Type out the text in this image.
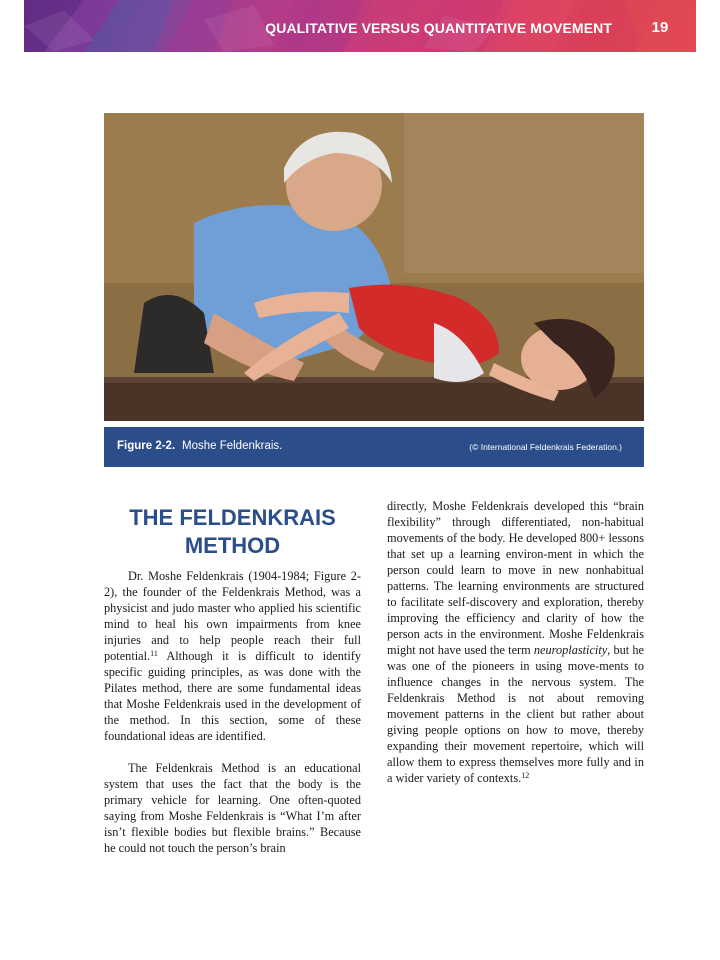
QUALITATIVE VERSUS QUANTITATIVE MOVEMENT	19
Figure 2-2. Moshe Feldenkrais.	(© International Feldenkrais Federation.)
THE FELDENKRAIS METHOD

Dr. Moshe Feldenkrais (1904-1984; Figure 2-2), the founder of the Feldenkrais Method, was a physicist and judo master who applied his scientific mind to heal his own impairments from knee injuries and to help people reach their full potential.$^{11}$ Although it is difficult to identify specific guiding principles, as was done with the Pilates method, there are some fundamental ideas that Moshe Feldenkrais used in the development of the method. In this section, some of these foundational ideas are identified.

The Feldenkrais Method is an educational system that uses the fact that the body is the primary vehicle for learning. One often-quoted saying from Moshe Feldenkrais is “What I’m after isn’t flexible bodies but flexible brains.” Because he could not touch the person’s brain

directly, Moshe Feldenkrais developed this “brain flexibility” through differentiated, non-habitual movements of the body. He developed 800+ lessons that set up a learning environ-ment in which the person could learn to move in new nonhabitual patterns. The learning environments are structured to facilitate self-discovery and exploration, thereby improving the efficiency and clarity of how the person acts in the environment. Moshe Feldenkrais might not have used the term neuroplasticity, but he was one of the pioneers in using move-ments to influence changes in the nervous system. The Feldenkrais Method is not about removing movement patterns in the client but rather about giving people options on how to move, thereby expanding their movement repertoire, which will allow them to express themselves more fully and in a wider variety of contexts.$^{12}$
